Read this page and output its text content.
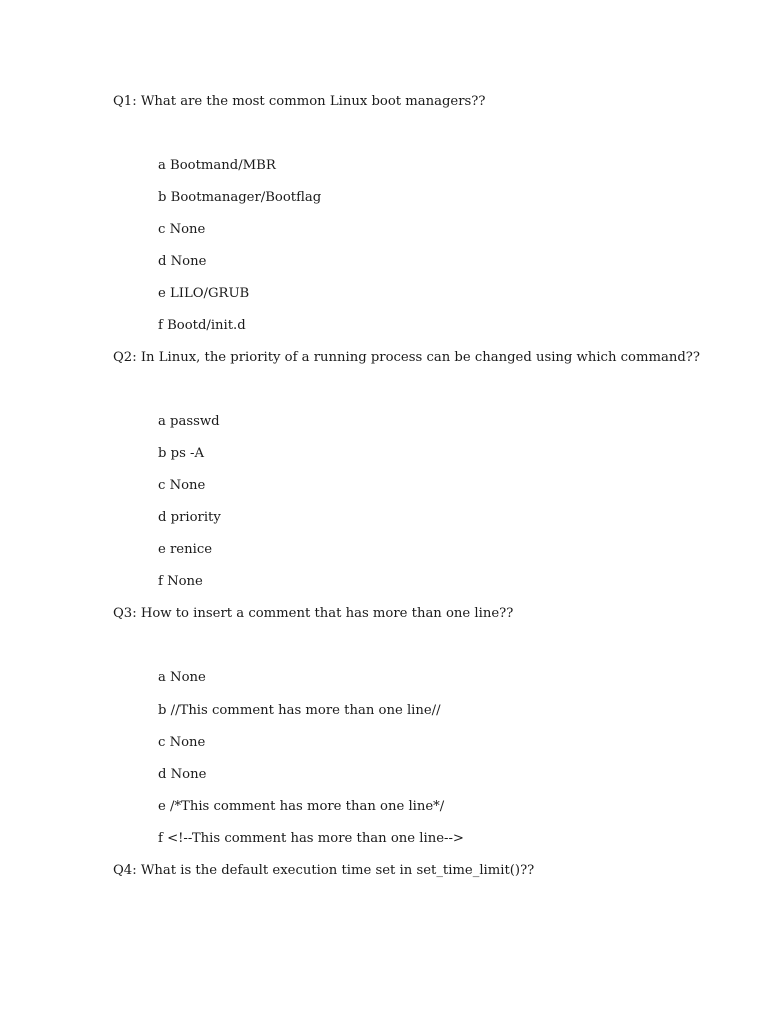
Q1: What are the most common Linux boot managers??
a Bootmand/MBR
b Bootmanager/Bootflag
c None
d None
e LILO/GRUB
f Bootd/init.d
Q2: In Linux, the priority of a running process can be changed using which command??
a passwd
b ps -A
c None
d priority
e renice
f None
Q3: How to insert a comment that has more than one line??
a None
b //This comment has more than one line//
c None
d None
e /*This comment has more than one line*/
f <!--This comment has more than one line-->
Q4: What is the default execution time set in set_time_limit()??
